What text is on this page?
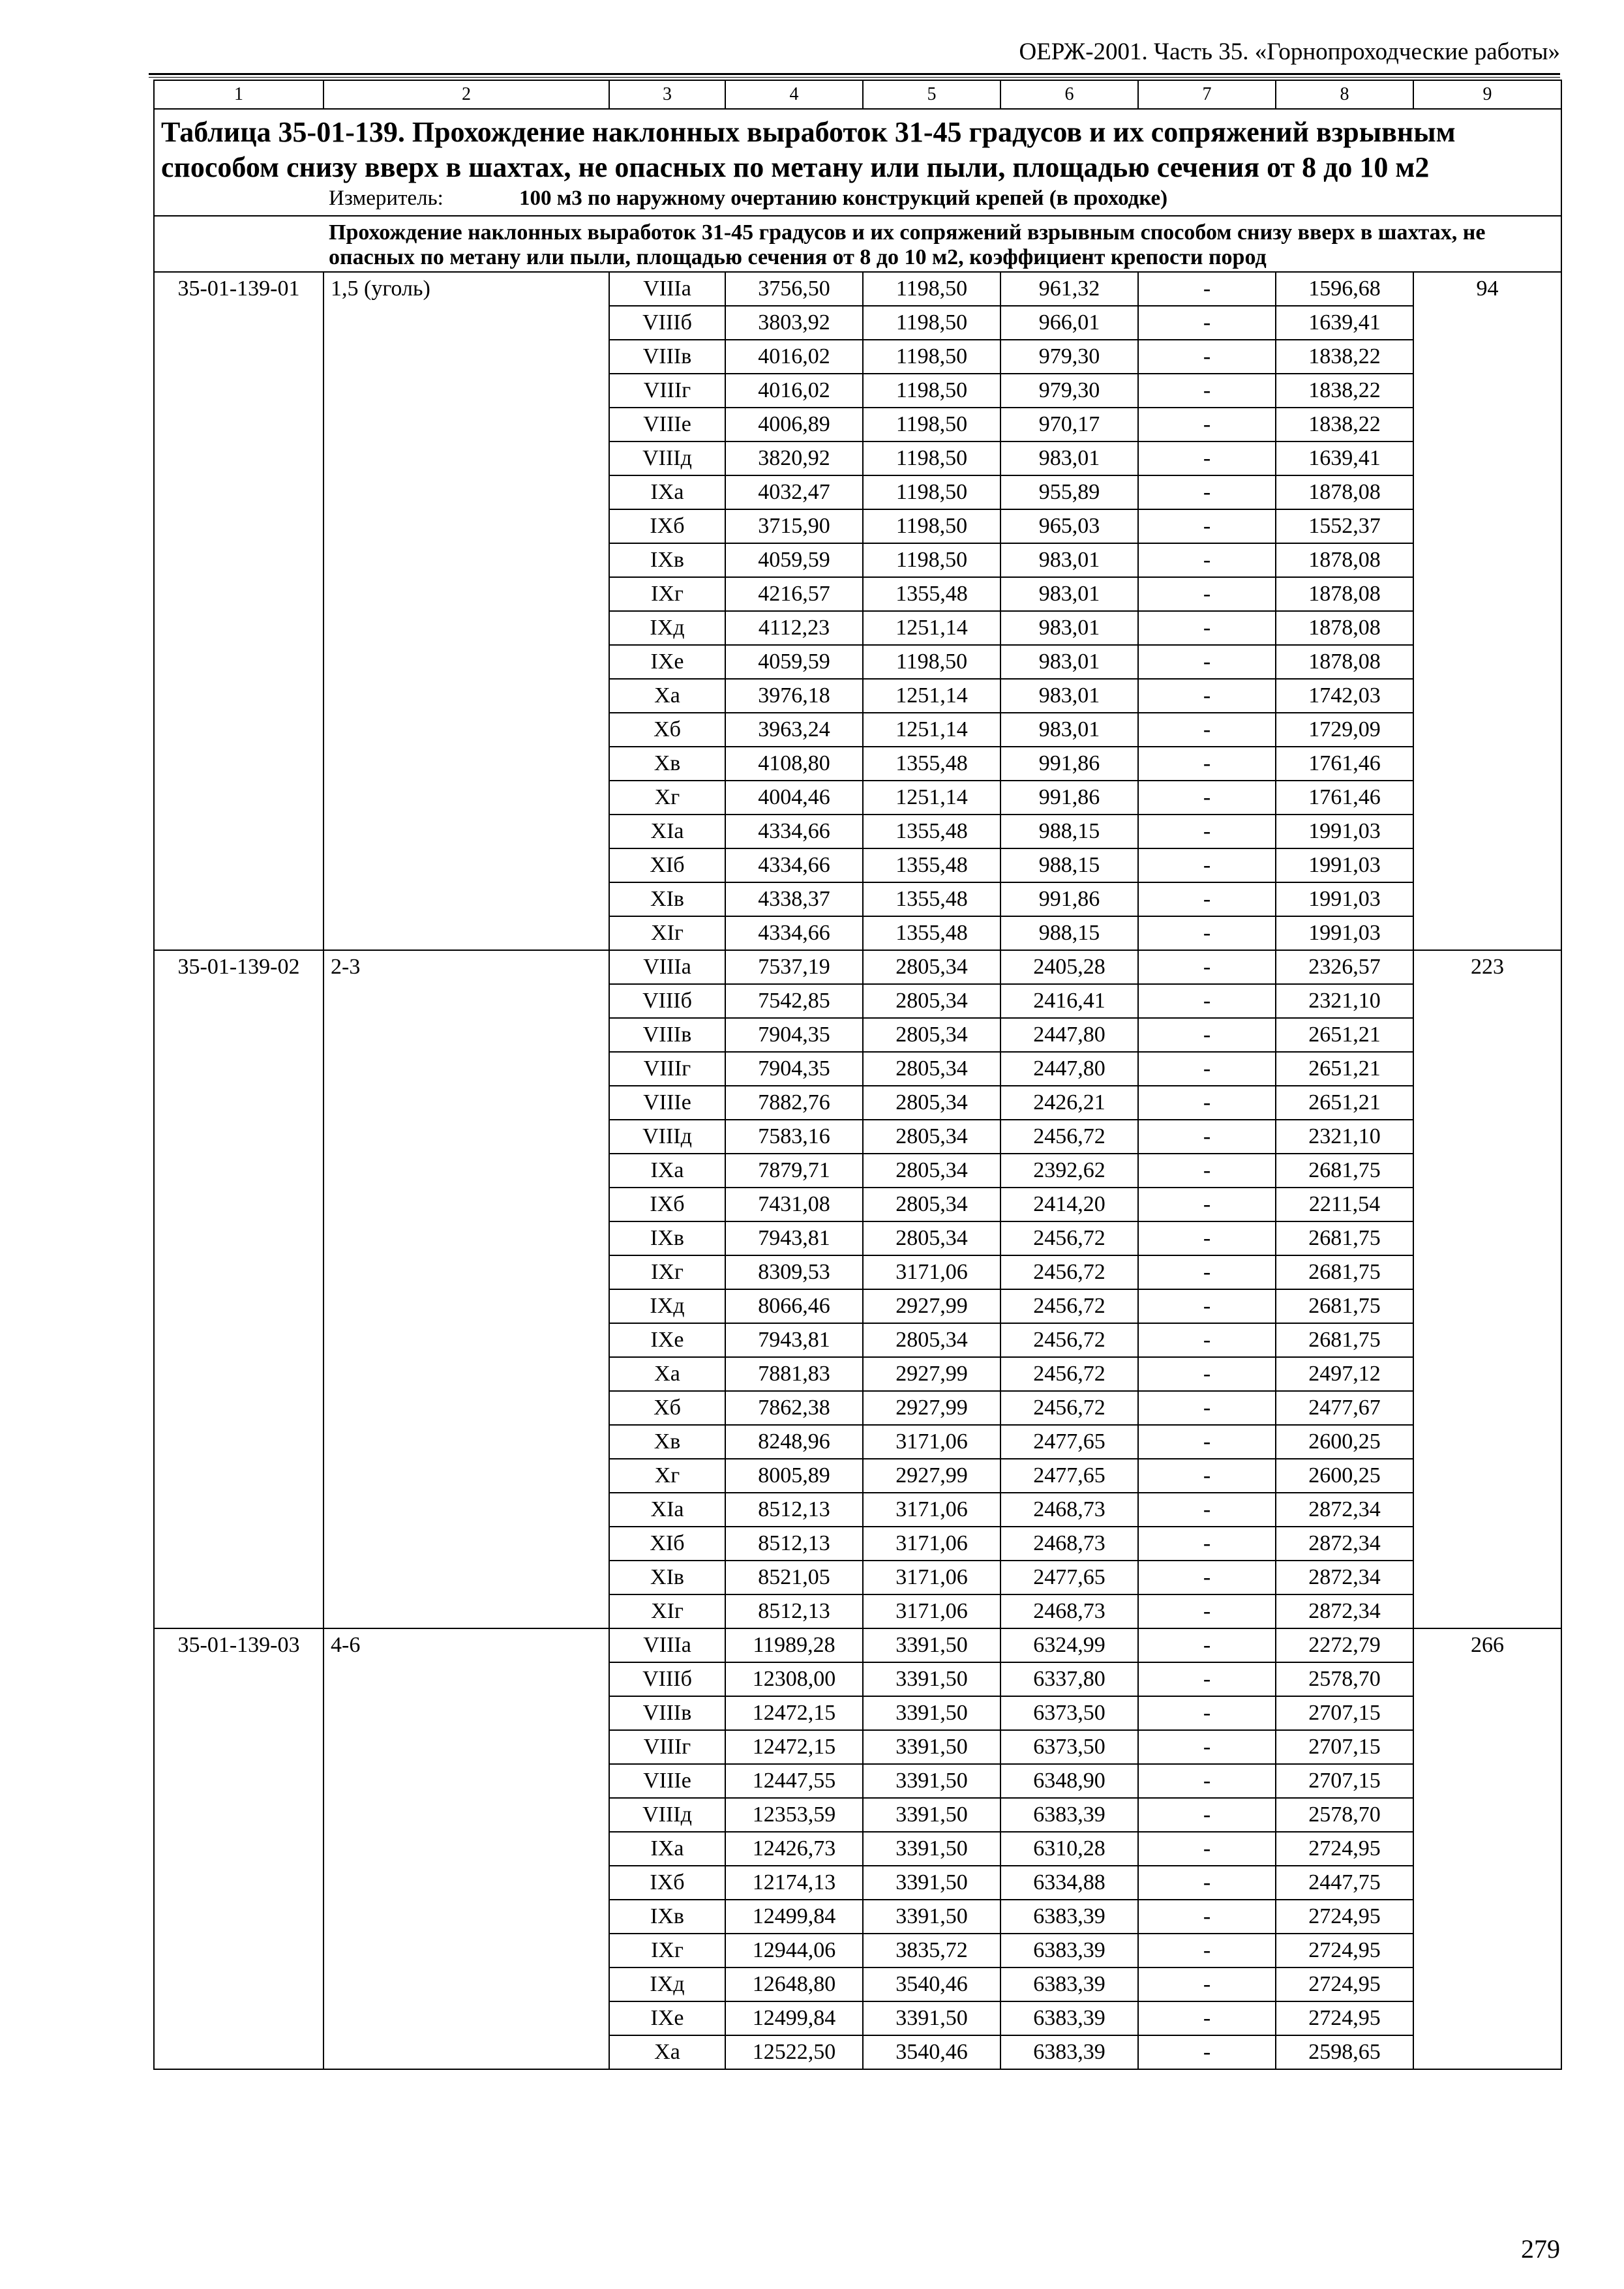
ОЕРЖ-2001. Часть 35. «Горнопроходческие работы»
1	2	3	4	5	6	7	8	9
Таблица 35-01-139. Прохождение наклонных выработок 31-45 градусов и их сопряжений взрывным способом снизу вверх в шахтах, не опасных по метану или пыли, площадью сечения от 8 до 10 м2								
Измеритель: 100 м3 по наружному очертанию конструкций крепей (в проходке)								
Прохождение наклонных выработок 31-45 градусов и их сопряжений взрывным способом снизу вверх в шахтах, не опасных по метану или пыли, площадью сечения от 8 до 10 м2, коэффициент крепости пород								
35-01-139-01	1,5 (уголь)	VIIIа	3756,50	1198,50	961,32	-	1596,68	94
		VIIIб	3803,92	1198,50	966,01	-	1639,41	
		VIIIв	4016,02	1198,50	979,30	-	1838,22	
		VIIIг	4016,02	1198,50	979,30	-	1838,22	
		VIIIе	4006,89	1198,50	970,17	-	1838,22	
		VIIIд	3820,92	1198,50	983,01	-	1639,41	
		IXа	4032,47	1198,50	955,89	-	1878,08	
		IXб	3715,90	1198,50	965,03	-	1552,37	
		IXв	4059,59	1198,50	983,01	-	1878,08	
		IXг	4216,57	1355,48	983,01	-	1878,08	
		IXд	4112,23	1251,14	983,01	-	1878,08	
		IXе	4059,59	1198,50	983,01	-	1878,08	
		Xа	3976,18	1251,14	983,01	-	1742,03	
		Xб	3963,24	1251,14	983,01	-	1729,09	
		Xв	4108,80	1355,48	991,86	-	1761,46	
		Xг	4004,46	1251,14	991,86	-	1761,46	
		XIа	4334,66	1355,48	988,15	-	1991,03	
		XIб	4334,66	1355,48	988,15	-	1991,03	
		XIв	4338,37	1355,48	991,86	-	1991,03	
		XIг	4334,66	1355,48	988,15	-	1991,03	
35-01-139-02	2-3	VIIIа	7537,19	2805,34	2405,28	-	2326,57	223
		VIIIб	7542,85	2805,34	2416,41	-	2321,10	
		VIIIв	7904,35	2805,34	2447,80	-	2651,21	
		VIIIг	7904,35	2805,34	2447,80	-	2651,21	
		VIIIе	7882,76	2805,34	2426,21	-	2651,21	
		VIIIд	7583,16	2805,34	2456,72	-	2321,10	
		IXа	7879,71	2805,34	2392,62	-	2681,75	
		IXб	7431,08	2805,34	2414,20	-	2211,54	
		IXв	7943,81	2805,34	2456,72	-	2681,75	
		IXг	8309,53	3171,06	2456,72	-	2681,75	
		IXд	8066,46	2927,99	2456,72	-	2681,75	
		IXе	7943,81	2805,34	2456,72	-	2681,75	
		Xа	7881,83	2927,99	2456,72	-	2497,12	
		Xб	7862,38	2927,99	2456,72	-	2477,67	
		Xв	8248,96	3171,06	2477,65	-	2600,25	
		Xг	8005,89	2927,99	2477,65	-	2600,25	
		XIа	8512,13	3171,06	2468,73	-	2872,34	
		XIб	8512,13	3171,06	2468,73	-	2872,34	
		XIв	8521,05	3171,06	2477,65	-	2872,34	
		XIг	8512,13	3171,06	2468,73	-	2872,34	
35-01-139-03	4-6	VIIIа	11989,28	3391,50	6324,99	-	2272,79	266
		VIIIб	12308,00	3391,50	6337,80	-	2578,70	
		VIIIв	12472,15	3391,50	6373,50	-	2707,15	
		VIIIг	12472,15	3391,50	6373,50	-	2707,15	
		VIIIе	12447,55	3391,50	6348,90	-	2707,15	
		VIIIд	12353,59	3391,50	6383,39	-	2578,70	
		IXа	12426,73	3391,50	6310,28	-	2724,95	
		IXб	12174,13	3391,50	6334,88	-	2447,75	
		IXв	12499,84	3391,50	6383,39	-	2724,95	
		IXг	12944,06	3835,72	6383,39	-	2724,95	
		IXд	12648,80	3540,46	6383,39	-	2724,95	
		IXе	12499,84	3391,50	6383,39	-	2724,95	
		Xа	12522,50	3540,46	6383,39	-	2598,65	
279
